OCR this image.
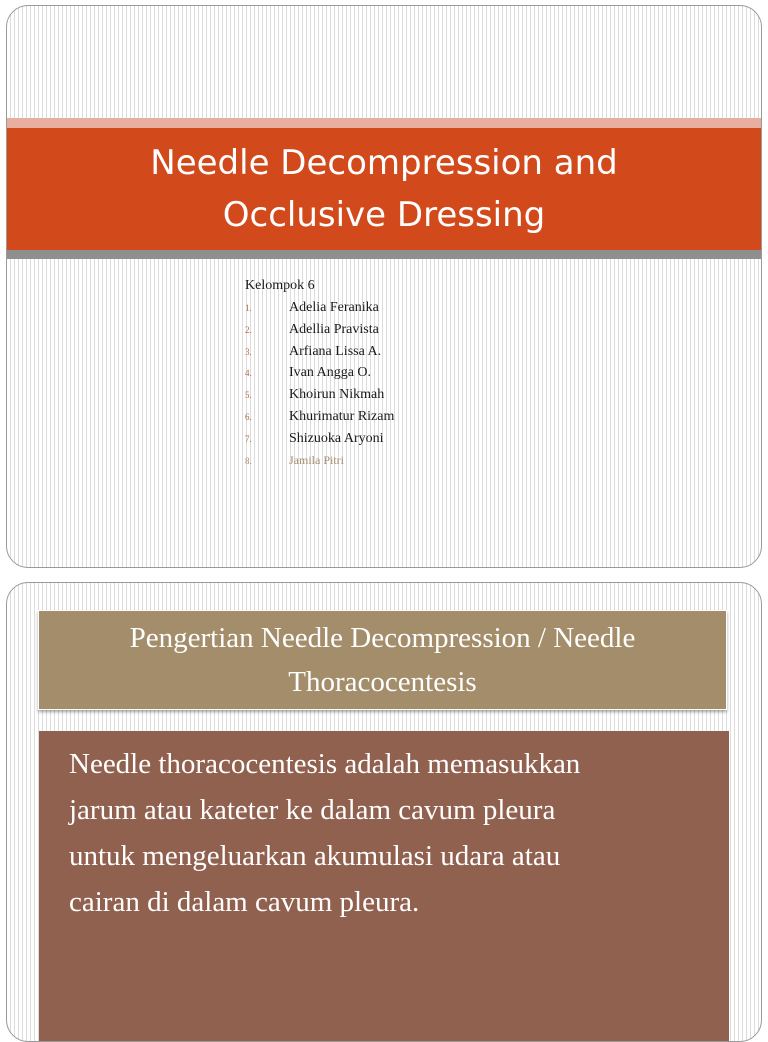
Needle Decompression and
Occlusive Dressing
Kelompok 6
1.	Adelia Feranika
2.	Adellia Pravista
3.	Arfiana Lissa A.
4.	Ivan Angga O.
5.	Khoirun Nikmah
6.	Khurimatur Rizam
7.	Shizuoka Aryoni
8.	Jamila Pitri
Pengertian Needle Decompression / Needle
Thoracocentesis

Needle thoracocentesis adalah memasukkan

jarum atau kateter ke dalam cavum pleura

untuk mengeluarkan akumulasi udara atau

cairan di dalam cavum pleura.
